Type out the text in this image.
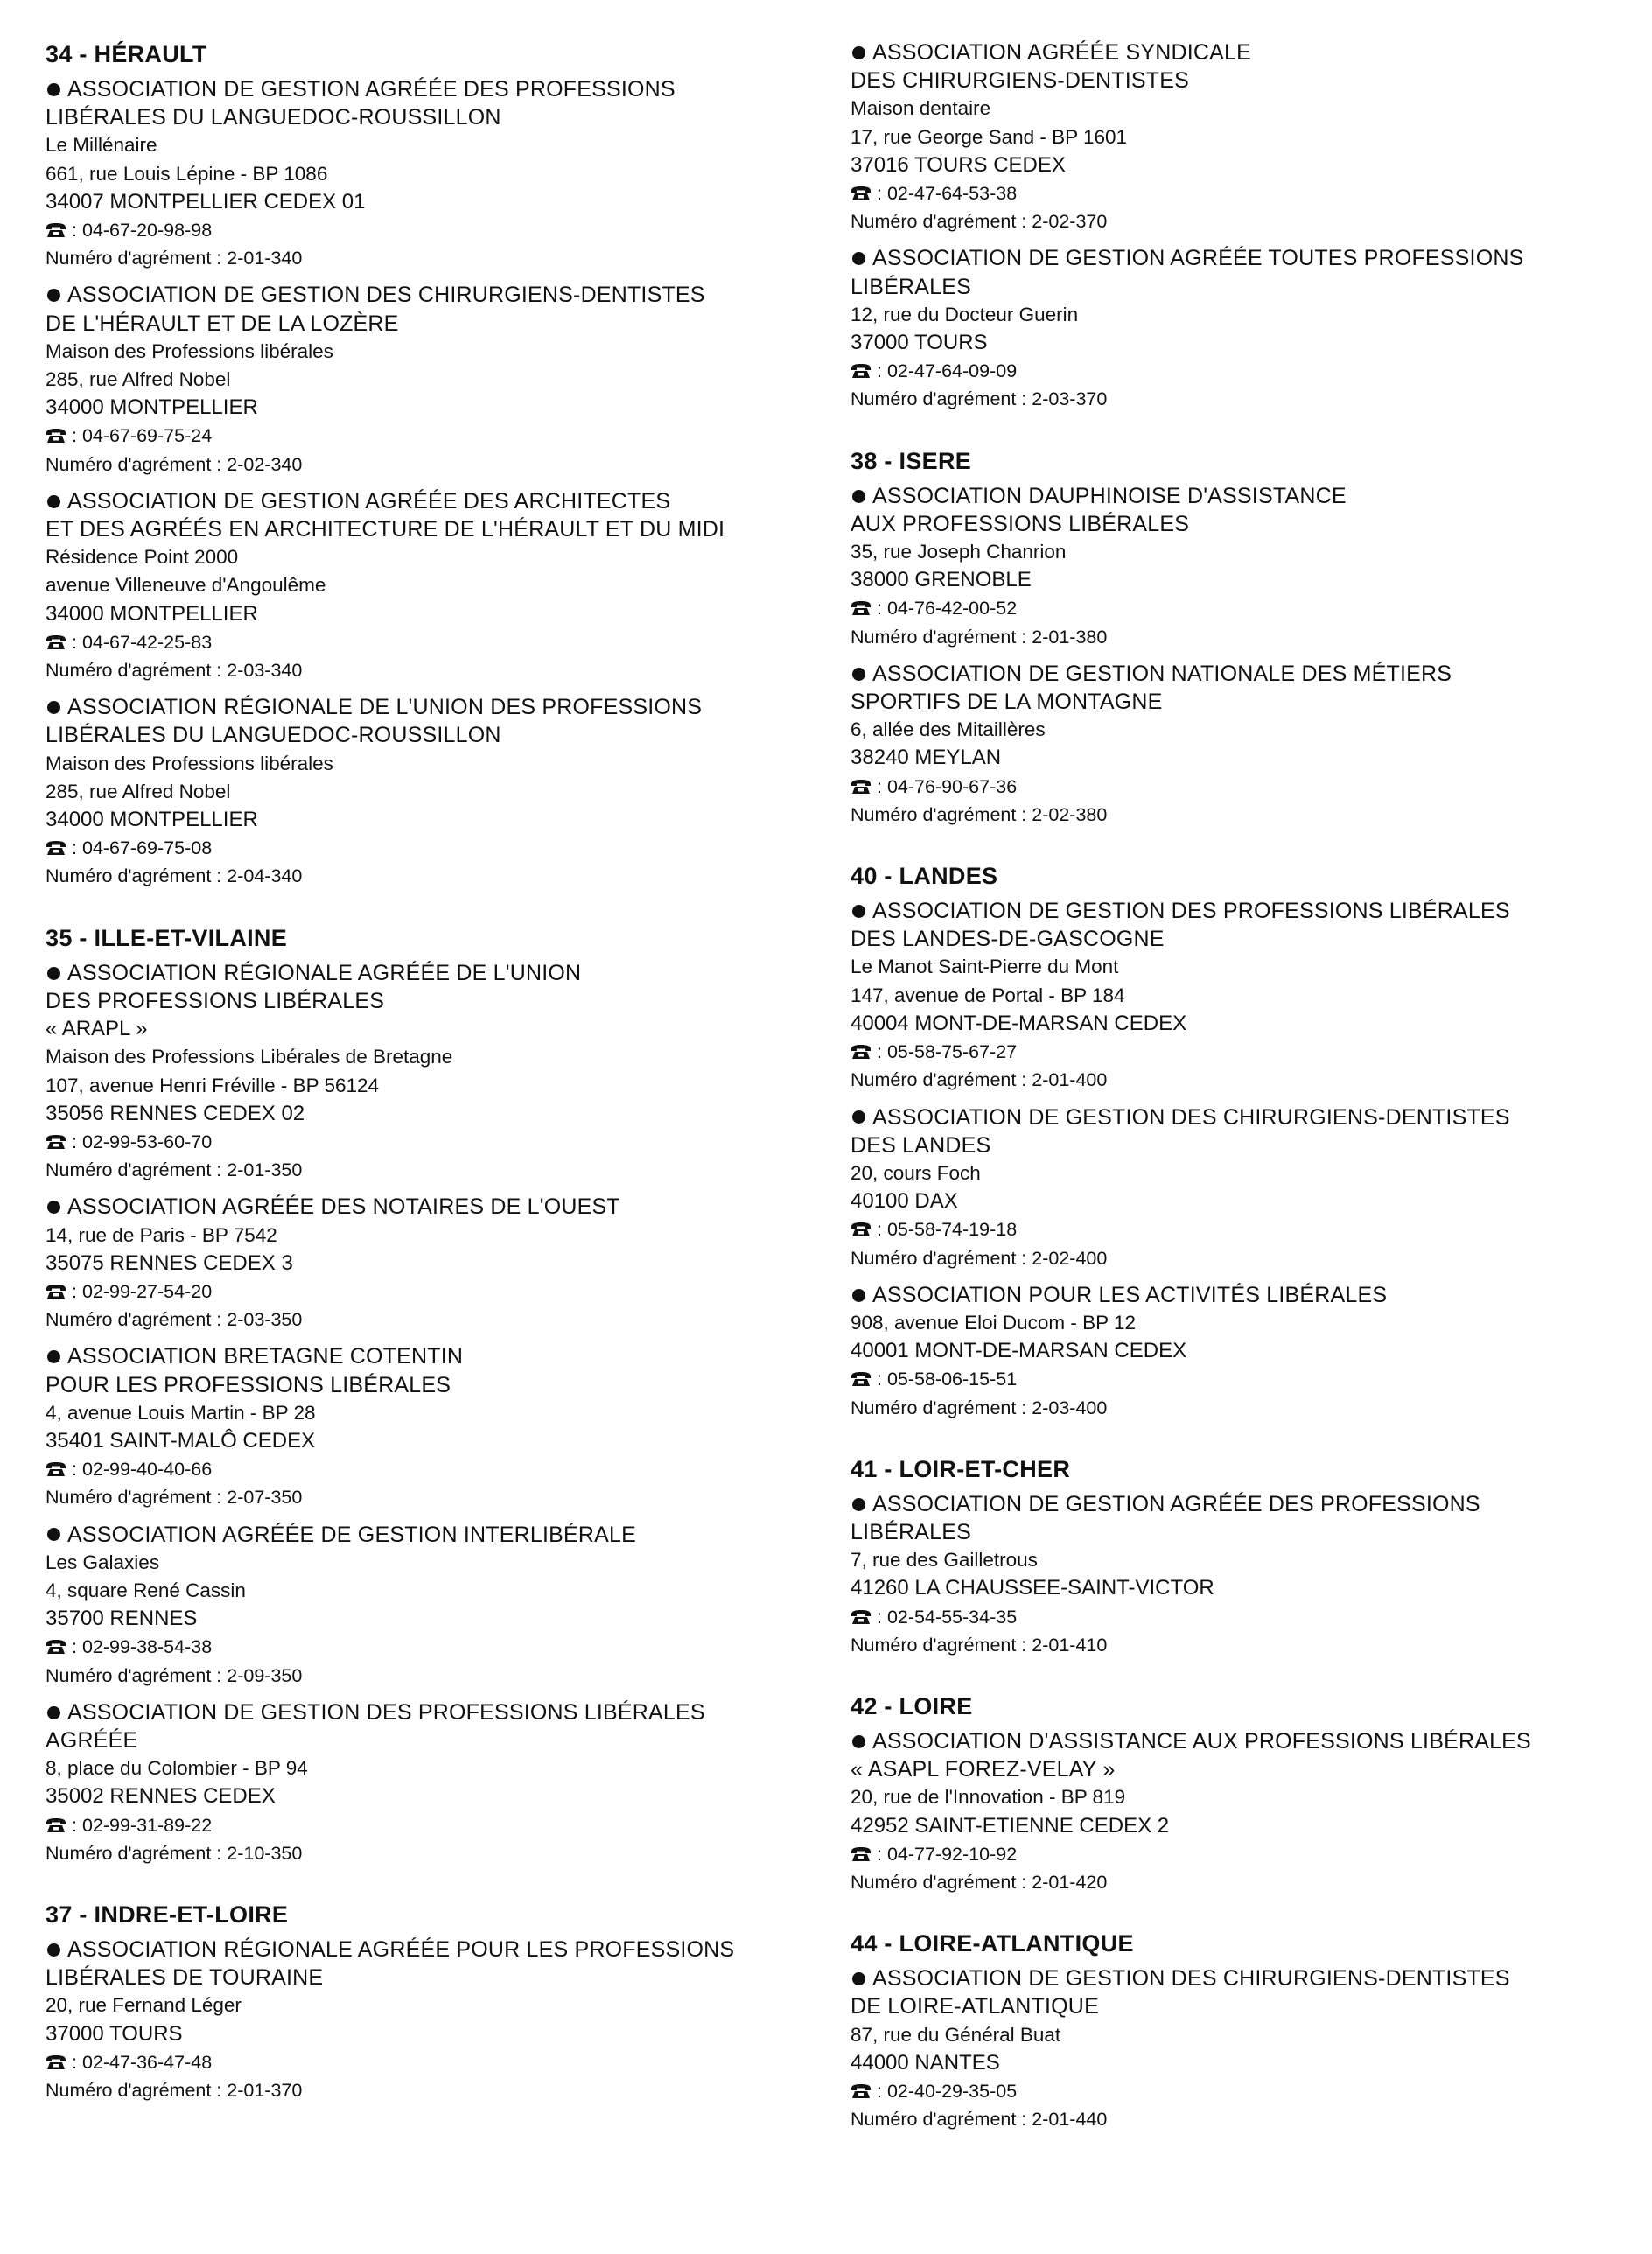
34 - HÉRAULT
ASSOCIATION DE GESTION AGRÉÉE DES PROFESSIONS
LIBÉRALES DU LANGUEDOC-ROUSSILLON
Le Millénaire
661, rue Louis Lépine - BP 1086
34007 MONTPELLIER CEDEX 01
: 04-67-20-98-98
Numéro d'agrément : 2-01-340
ASSOCIATION DE GESTION DES CHIRURGIENS-DENTISTES
DE L'HÉRAULT ET DE LA LOZÈRE
Maison des Professions libérales
285, rue Alfred Nobel
34000 MONTPELLIER
: 04-67-69-75-24
Numéro d'agrément : 2-02-340
ASSOCIATION DE GESTION AGRÉÉE DES ARCHITECTES
ET DES AGRÉÉS EN ARCHITECTURE DE L'HÉRAULT ET DU MIDI
Résidence Point 2000
avenue Villeneuve d'Angoulême
34000 MONTPELLIER
: 04-67-42-25-83
Numéro d'agrément : 2-03-340
ASSOCIATION RÉGIONALE DE L'UNION DES PROFESSIONS
LIBÉRALES DU LANGUEDOC-ROUSSILLON
Maison des Professions libérales
285, rue Alfred Nobel
34000 MONTPELLIER
: 04-67-69-75-08
Numéro d'agrément : 2-04-340
35 - ILLE-ET-VILAINE
ASSOCIATION RÉGIONALE AGRÉÉE DE L'UNION
DES PROFESSIONS LIBÉRALES
« ARAPL »
Maison des Professions Libérales de Bretagne
107, avenue Henri Fréville - BP 56124
35056 RENNES CEDEX 02
: 02-99-53-60-70
Numéro d'agrément : 2-01-350
ASSOCIATION AGRÉÉE DES NOTAIRES DE L'OUEST
14, rue de Paris - BP 7542
35075 RENNES CEDEX 3
: 02-99-27-54-20
Numéro d'agrément : 2-03-350
ASSOCIATION BRETAGNE COTENTIN
POUR LES PROFESSIONS LIBÉRALES
4, avenue Louis Martin - BP 28
35401 SAINT-MALÔ CEDEX
: 02-99-40-40-66
Numéro d'agrément : 2-07-350
ASSOCIATION AGRÉÉE DE GESTION INTERLIBÉRALE
Les Galaxies
4, square René Cassin
35700 RENNES
: 02-99-38-54-38
Numéro d'agrément : 2-09-350
ASSOCIATION DE GESTION DES PROFESSIONS LIBÉRALES
AGRÉÉE
8, place du Colombier - BP 94
35002 RENNES CEDEX
: 02-99-31-89-22
Numéro d'agrément : 2-10-350
37 - INDRE-ET-LOIRE
ASSOCIATION RÉGIONALE AGRÉÉE POUR LES PROFESSIONS
LIBÉRALES DE TOURAINE
20, rue Fernand Léger
37000 TOURS
: 02-47-36-47-48
Numéro d'agrément : 2-01-370
ASSOCIATION AGRÉÉE SYNDICALE
DES CHIRURGIENS-DENTISTES
Maison dentaire
17, rue George Sand - BP 1601
37016 TOURS CEDEX
: 02-47-64-53-38
Numéro d'agrément : 2-02-370
ASSOCIATION DE GESTION AGRÉÉE TOUTES PROFESSIONS
LIBÉRALES
12, rue du Docteur Guerin
37000 TOURS
: 02-47-64-09-09
Numéro d'agrément : 2-03-370
38 - ISERE
ASSOCIATION DAUPHINOISE D'ASSISTANCE
AUX PROFESSIONS LIBÉRALES
35, rue Joseph Chanrion
38000 GRENOBLE
: 04-76-42-00-52
Numéro d'agrément : 2-01-380
ASSOCIATION DE GESTION NATIONALE DES MÉTIERS
SPORTIFS DE LA MONTAGNE
6, allée des Mitaillères
38240 MEYLAN
: 04-76-90-67-36
Numéro d'agrément : 2-02-380
40 - LANDES
ASSOCIATION DE GESTION DES PROFESSIONS LIBÉRALES
DES LANDES-DE-GASCOGNE
Le Manot Saint-Pierre du Mont
147, avenue de Portal - BP 184
40004 MONT-DE-MARSAN CEDEX
: 05-58-75-67-27
Numéro d'agrément : 2-01-400
ASSOCIATION DE GESTION DES CHIRURGIENS-DENTISTES
DES LANDES
20, cours Foch
40100 DAX
: 05-58-74-19-18
Numéro d'agrément : 2-02-400
ASSOCIATION POUR LES ACTIVITÉS LIBÉRALES
908, avenue Eloi Ducom - BP 12
40001 MONT-DE-MARSAN CEDEX
: 05-58-06-15-51
Numéro d'agrément : 2-03-400
41 - LOIR-ET-CHER
ASSOCIATION DE GESTION AGRÉÉE DES PROFESSIONS
LIBÉRALES
7, rue des Gailletrous
41260 LA CHAUSSEE-SAINT-VICTOR
: 02-54-55-34-35
Numéro d'agrément : 2-01-410
42 - LOIRE
ASSOCIATION D'ASSISTANCE AUX PROFESSIONS LIBÉRALES
« ASAPL FOREZ-VELAY »
20, rue de l'Innovation - BP 819
42952 SAINT-ETIENNE CEDEX 2
: 04-77-92-10-92
Numéro d'agrément : 2-01-420
44 - LOIRE-ATLANTIQUE
ASSOCIATION DE GESTION DES CHIRURGIENS-DENTISTES
DE LOIRE-ATLANTIQUE
87, rue du Général Buat
44000 NANTES
: 02-40-29-35-05
Numéro d'agrément : 2-01-440
